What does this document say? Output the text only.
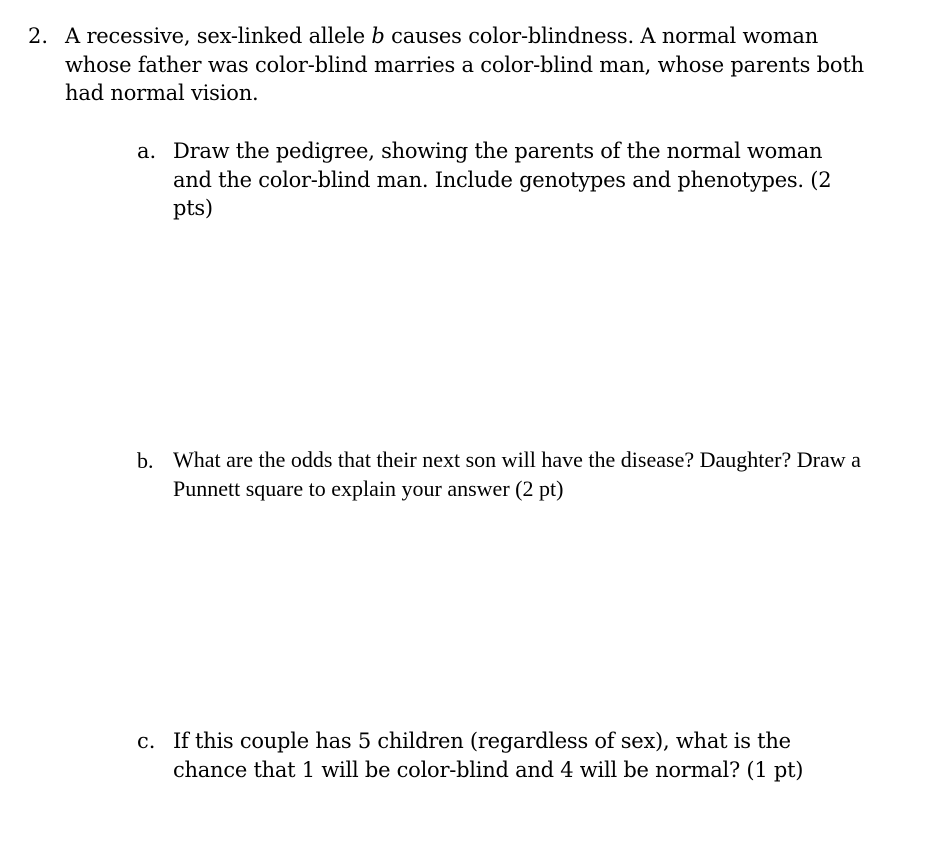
2. A recessive, sex-linked allele b causes color-blindness. A normal woman whose father was color-blind marries a color-blind man, whose parents both had normal vision.
a. Draw the pedigree, showing the parents of the normal woman and the color-blind man. Include genotypes and phenotypes. (2 pts)
b. What are the odds that their next son will have the disease? Daughter? Draw a Punnett square to explain your answer (2 pt)
c. If this couple has 5 children (regardless of sex), what is the chance that 1 will be color-blind and 4 will be normal? (1 pt)
